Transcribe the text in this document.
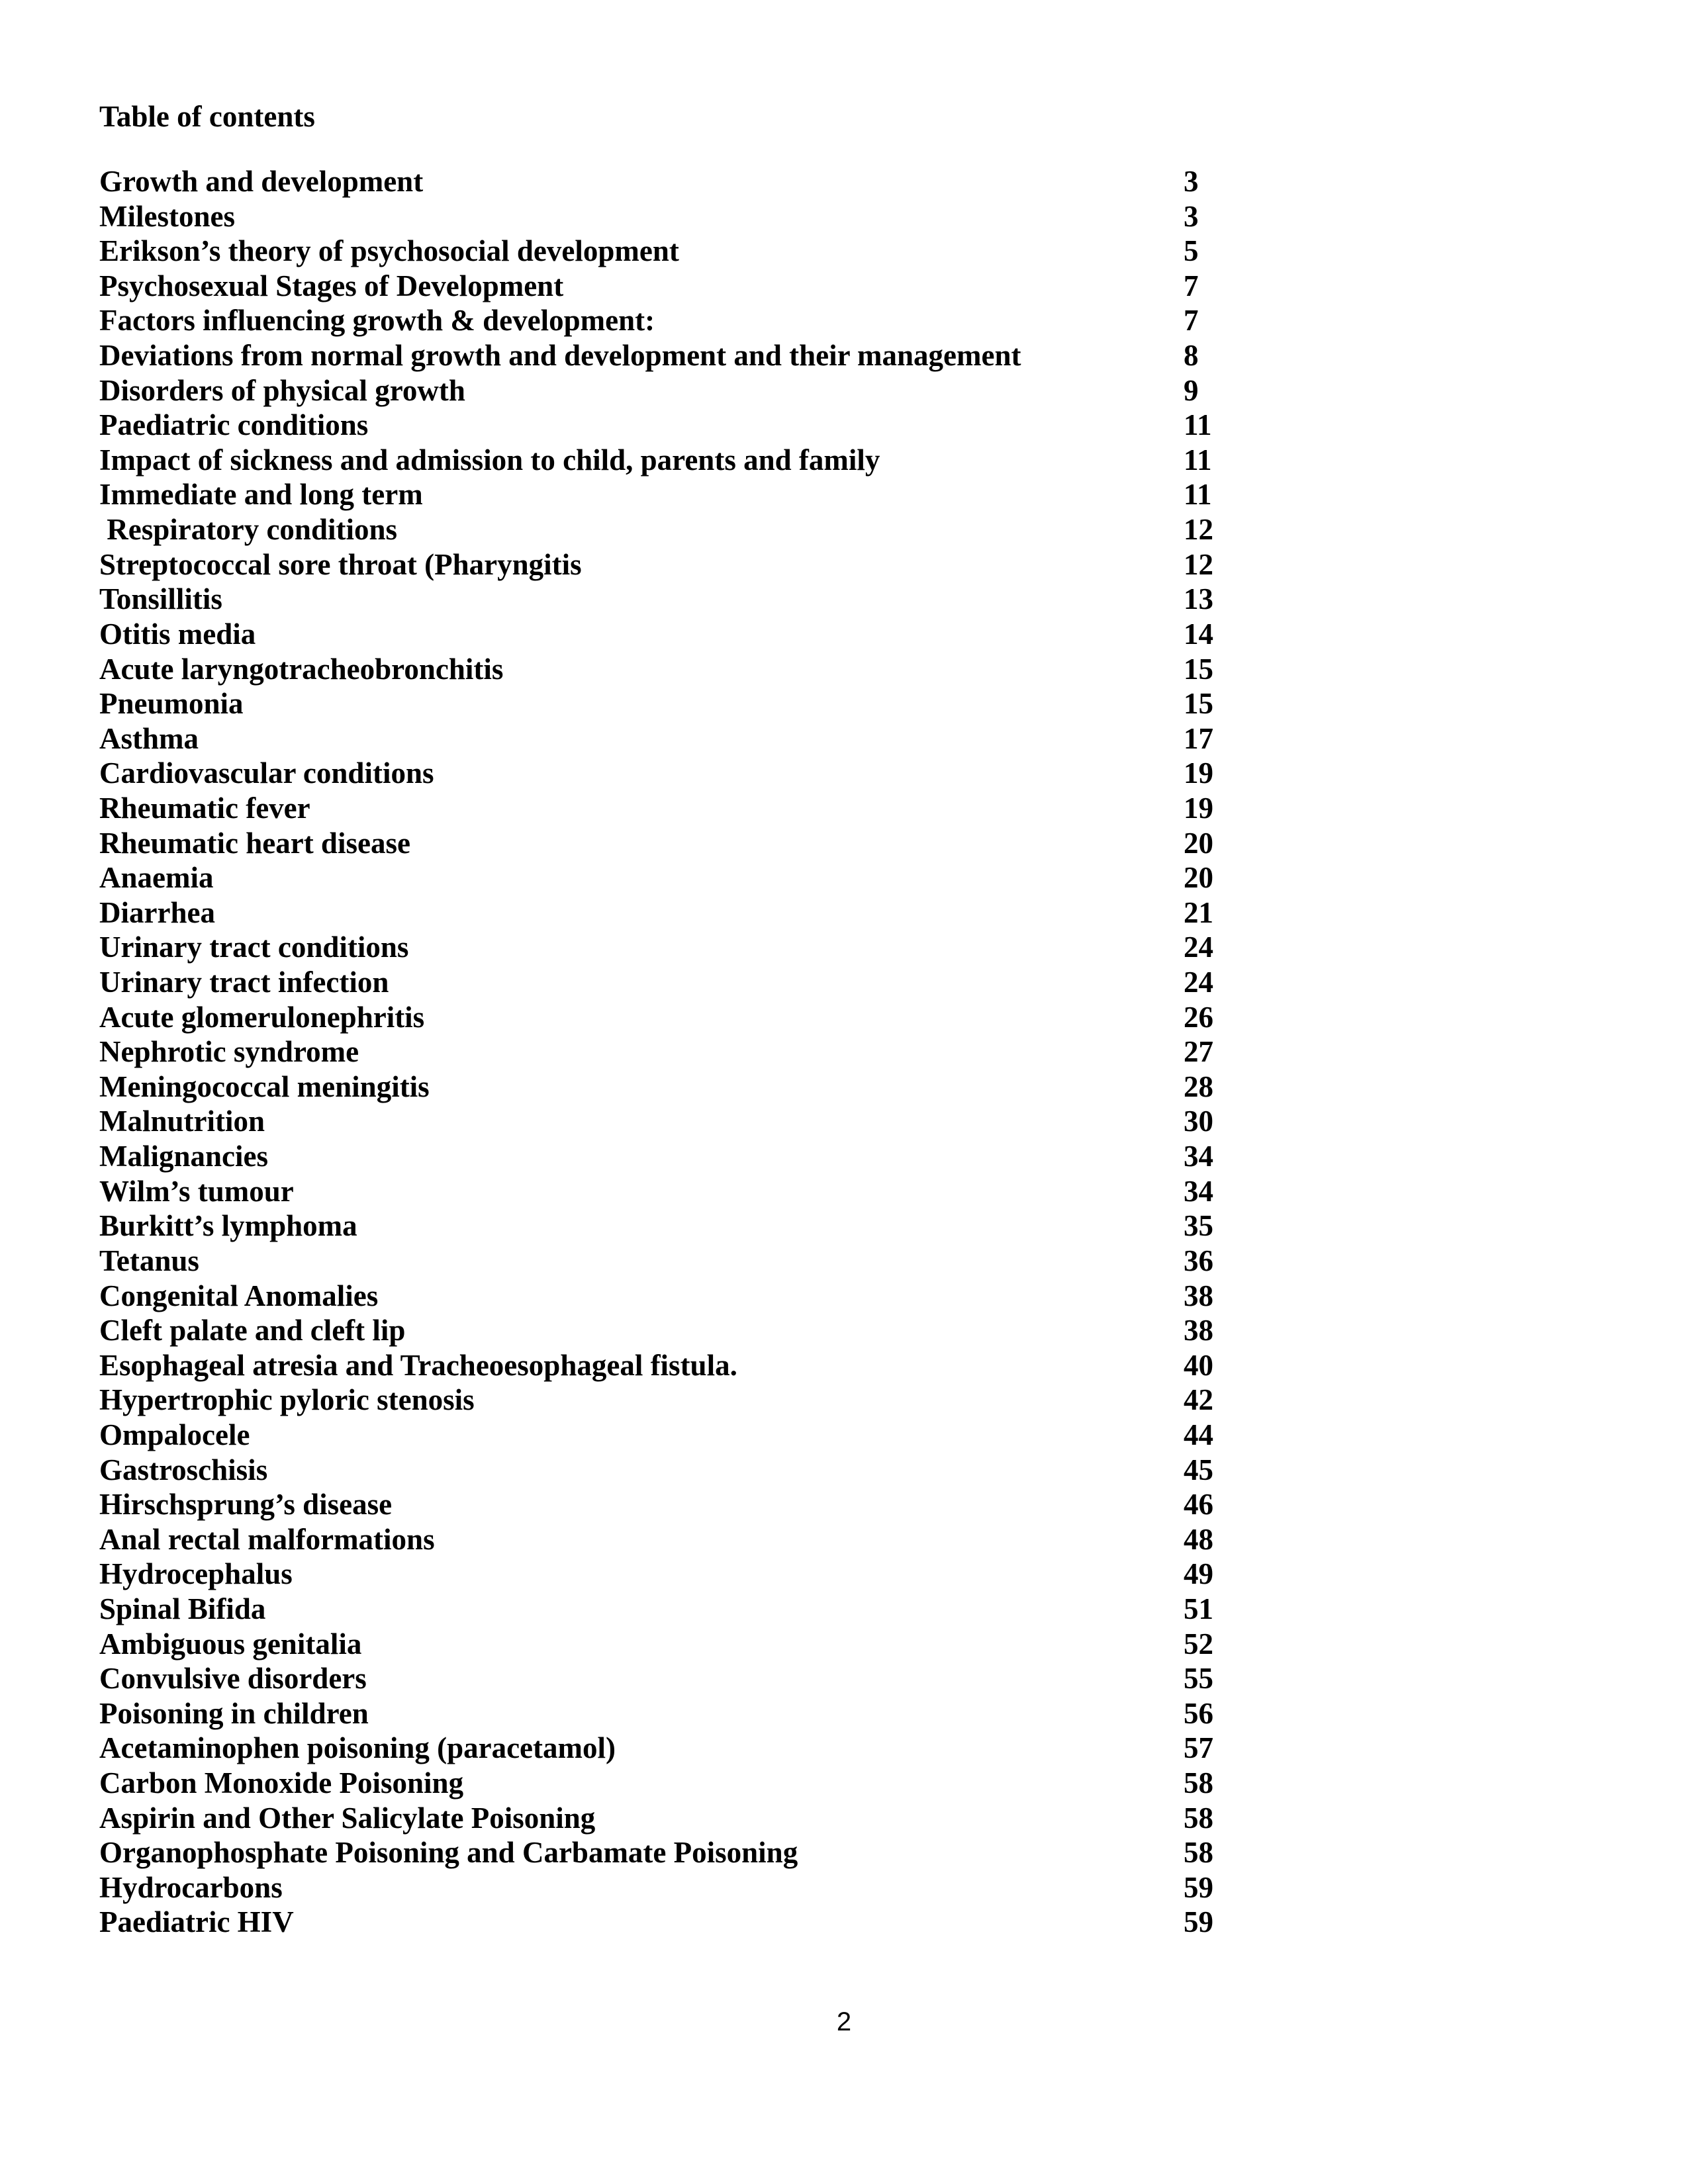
Table of contents
Growth and development	3
Milestones	3
Erikson’s theory of psychosocial development	5
Psychosexual Stages of Development	7
Factors influencing growth & development:	7
Deviations from normal growth and development and their management	8
Disorders of physical growth	9
Paediatric conditions	11
Impact of sickness and admission to child, parents and family	11
Immediate and long term	11
Respiratory conditions	12
Streptococcal sore throat (Pharyngitis	12
Tonsillitis	13
Otitis media	14
Acute laryngotracheobronchitis	15
Pneumonia	15
Asthma	17
Cardiovascular conditions	19
Rheumatic fever	19
Rheumatic heart disease	20
Anaemia	20
Diarrhea	21
Urinary tract conditions	24
Urinary tract infection	24
Acute glomerulonephritis	26
Nephrotic syndrome	27
Meningococcal meningitis	28
Malnutrition	30
Malignancies	34
Wilm’s tumour	34
Burkitt’s lymphoma	35
Tetanus	36
Congenital Anomalies	38
Cleft palate and cleft lip	38
Esophageal atresia and Tracheoesophageal fistula.	40
Hypertrophic pyloric stenosis	42
Ompalocele	44
Gastroschisis	45
Hirschsprung’s disease	46
Anal rectal malformations	48
Hydrocephalus	49
Spinal Bifida	51
Ambiguous genitalia	52
Convulsive disorders	55
Poisoning in children	56
Acetaminophen poisoning (paracetamol)	57
Carbon Monoxide Poisoning	58
Aspirin and Other Salicylate Poisoning	58
Organophosphate Poisoning and Carbamate Poisoning	58
Hydrocarbons	59
Paediatric HIV	59
2
